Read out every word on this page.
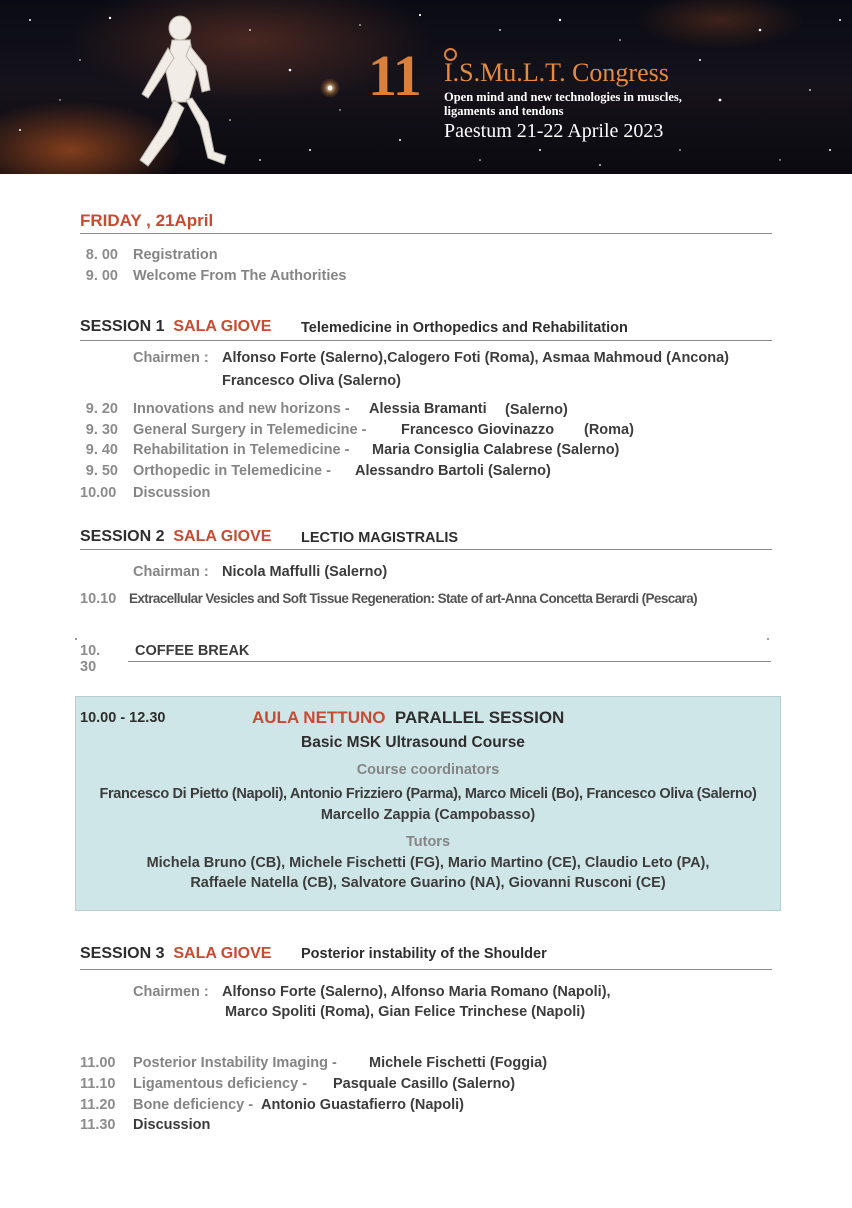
11 I.S.Mu.L.T. Congress
Open mind and new technologies in muscles,
ligaments and tendons
Paestum 21-22 Aprile 2023
FRIDAY , 21April
8. 00 Registration
9. 00 Welcome From The Authorities
SESSION 1 SALA GIOVE Telemedicine in Orthopedics and Rehabilitation
Chairmen : Alfonso Forte (Salerno),Calogero Foti (Roma), Asmaa Mahmoud (Ancona)
Francesco Oliva (Salerno)
9. 20 Innovations and new horizons - Alessia Bramanti (Salerno)
9. 30 General Surgery in Telemedicine - Francesco Giovinazzo (Roma)
9. 40 Rehabilitation in Telemedicine - Maria Consiglia Calabrese (Salerno)
9. 50 Orthopedic in Telemedicine - Alessandro Bartoli (Salerno)
10.00 Discussion
SESSION 2 SALA GIOVE LECTIO MAGISTRALIS
Chairman : Nicola Maffulli (Salerno)
10.10 Extracellular Vesicles and Soft Tissue Regeneration: State of art-Anna Concetta Berardi (Pescara)
10. 30
COFFEE BREAK
10.00 - 12.30	AULA NETTUNO PARALLEL SESSION
Basic MSK Ultrasound Course
Course coordinators
Francesco Di Pietto (Napoli), Antonio Frizziero (Parma), Marco Miceli (Bo), Francesco Oliva (Salerno)
Marcello Zappia (Campobasso)
Tutors
Michela Bruno (CB), Michele Fischetti (FG), Mario Martino (CE), Claudio Leto (PA),
Raffaele Natella (CB), Salvatore Guarino (NA), Giovanni Rusconi (CE)
SESSION 3 SALA GIOVE Posterior instability of the Shoulder
Chairmen : Alfonso Forte (Salerno), Alfonso Maria Romano (Napoli),
Marco Spoliti (Roma), Gian Felice Trinchese (Napoli)
11.00	Posterior Instability Imaging - Michele Fischetti (Foggia)
11.10	Ligamentous deficiency - Pasquale Casillo (Salerno)
11.20	Bone deficiency - Antonio Guastafierro (Napoli)
11.30	Discussion
